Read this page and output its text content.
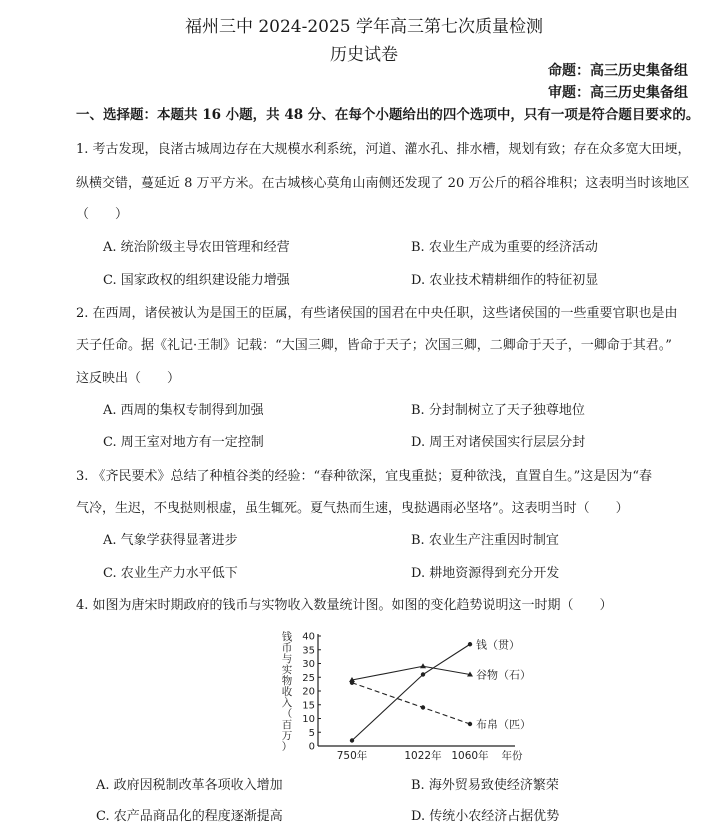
福州三中 2024-2025 学年高三第七次质量检测
历史试卷
命题：高三历史集备组
审题：高三历史集备组
一、选择题：本题共 16 小题，共 48 分、在每个小题给出的四个选项中，只有一项是符合题目要求的。
1. 考古发现，良渚古城周边存在大规模水利系统，河道、灌水孔、排水槽，规划有致；存在众多宽大田埂，
纵横交错，蔓延近 8 万平方米。在古城核心莫角山南侧还发现了 20 万公斤的稻谷堆积；这表明当时该地区
（　　）
A. 统治阶级主导农田管理和经营	B. 农业生产成为重要的经济活动
C. 国家政权的组织建设能力增强	D. 农业技术精耕细作的特征初显
2. 在西周，诸侯被认为是国王的臣属，有些诸侯国的国君在中央任职，这些诸侯国的一些重要官职也是由
天子任命。据《礼记·王制》记载：“大国三卿，皆命于天子；次国三卿，二卿命于天子，一卿命于其君。”
这反映出（　　）
A. 西周的集权专制得到加强	B. 分封制树立了天子独尊地位
C. 周王室对地方有一定控制	D. 周王对诸侯国实行层层分封
3. 《齐民要术》总结了种植谷类的经验：“春种欲深，宜曳重挞；夏种欲浅，直置自生。”这是因为“春
气冷，生迟，不曳挞则根虚，虽生辄死。夏气热而生速，曳挞遇雨必坚垎”。这表明当时（　　）
A. 气象学获得显著进步	B. 农业生产注重因时制宜
C. 农业生产力水平低下	D. 耕地资源得到充分开发
4. 如图为唐宋时期政府的钱币与实物收入数量统计图。如图的变化趋势说明这一时期（　　）
0
5
10
15
20
25
30
35
40
钱
币
与
实
物
收
入
（
百
万
）
750年	1022年 1060年 年份
钱（贯）
谷物（石）
布帛（匹）
A. 政府因税制改革各项收入增加	B. 海外贸易致使经济繁荣
C. 农产品商品化的程度逐渐提高	D. 传统小农经济占据优势
